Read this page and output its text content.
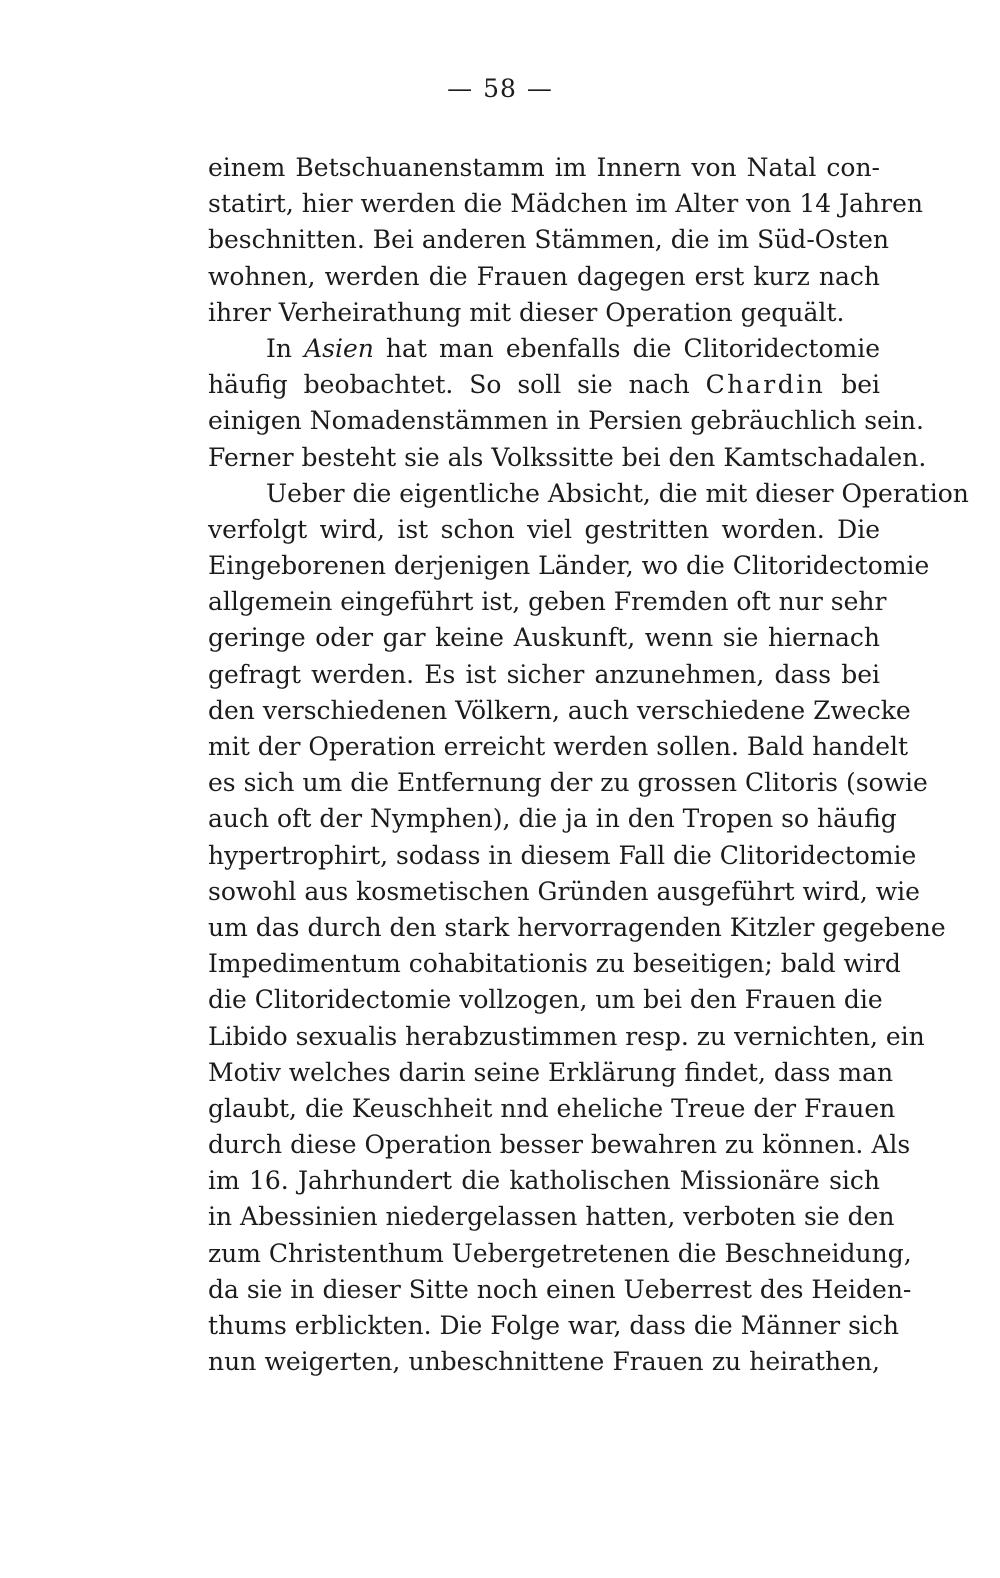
— 58 —
einem Betschuanenstamm im Innern von Natal con-
statirt, hier werden die Mädchen im Alter von 14 Jahren
beschnitten. Bei anderen Stämmen, die im Süd-Osten
wohnen, werden die Frauen dagegen erst kurz nach
ihrer Verheirathung mit dieser Operation gequält.
In Asien hat man ebenfalls die Clitoridectomie
häufig beobachtet. So soll sie nach Chardin bei
einigen Nomadenstämmen in Persien gebräuchlich sein.
Ferner besteht sie als Volkssitte bei den Kamtschadalen.
Ueber die eigentliche Absicht, die mit dieser Operation
verfolgt wird, ist schon viel gestritten worden. Die
Eingeborenen derjenigen Länder, wo die Clitoridectomie
allgemein eingeführt ist, geben Fremden oft nur sehr
geringe oder gar keine Auskunft, wenn sie hiernach
gefragt werden. Es ist sicher anzunehmen, dass bei
den verschiedenen Völkern, auch verschiedene Zwecke
mit der Operation erreicht werden sollen. Bald handelt
es sich um die Entfernung der zu grossen Clitoris (sowie
auch oft der Nymphen), die ja in den Tropen so häufig
hypertrophirt, sodass in diesem Fall die Clitoridectomie
sowohl aus kosmetischen Gründen ausgeführt wird, wie
um das durch den stark hervorragenden Kitzler gegebene
Impedimentum cohabitationis zu beseitigen; bald wird
die Clitoridectomie vollzogen, um bei den Frauen die
Libido sexualis herabzustimmen resp. zu vernichten, ein
Motiv welches darin seine Erklärung findet, dass man
glaubt, die Keuschheit nnd eheliche Treue der Frauen
durch diese Operation besser bewahren zu können. Als
im 16. Jahrhundert die katholischen Missionäre sich
in Abessinien niedergelassen hatten, verboten sie den
zum Christenthum Uebergetretenen die Beschneidung,
da sie in dieser Sitte noch einen Ueberrest des Heiden-
thums erblickten. Die Folge war, dass die Männer sich
nun weigerten, unbeschnittene Frauen zu heirathen,
